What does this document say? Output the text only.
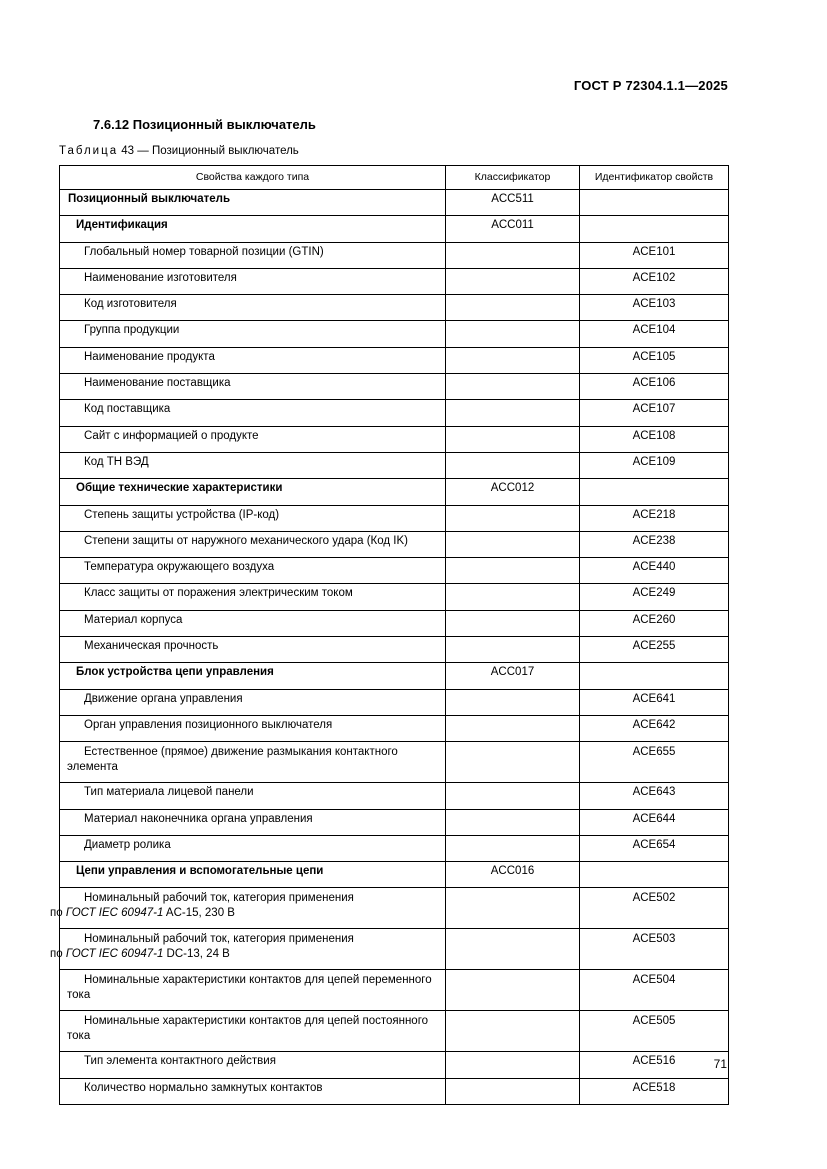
ГОСТ Р 72304.1.1—2025
7.6.12 Позиционный выключатель
Таблица 43 — Позиционный выключатель
Свойства каждого типа	Классификатор	Идентификатор свойств
Позиционный выключатель	ACC511	
Идентификация	ACC011	
Глобальный номер товарной позиции (GTIN)		ACE101
Наименование изготовителя		ACE102
Код изготовителя		ACE103
Группа продукции		ACE104
Наименование продукта		ACE105
Наименование поставщика		ACE106
Код поставщика		ACE107
Сайт с информацией о продукте		ACE108
Код ТН ВЭД		ACE109
Общие технические характеристики	ACC012	
Степень защиты устройства (IP-код)		ACE218
Степени защиты от наружного механического удара (Код IK)		ACE238
Температура окружающего воздуха		ACE440
Класс защиты от поражения электрическим током		ACE249
Материал корпуса		ACE260
Механическая прочность		ACE255
Блок устройства цепи управления	ACC017	
Движение органа управления		ACE641
Орган управления позиционного выключателя		ACE642
Естественное (прямое) движение размыкания контактного элемента		ACE655
Тип материала лицевой панели		ACE643
Материал наконечника органа управления		ACE644
Диаметр ролика		ACE654
Цепи управления и вспомогательные цепи	ACC016	
Номинальный рабочий ток, категория применения
по ГОСТ IEC 60947-1 AC-15, 230 В		ACE502
Номинальный рабочий ток, категория применения
по ГОСТ IEC 60947-1 DC-13, 24 В		ACE503
Номинальные характеристики контактов для цепей переменного тока		ACE504
Номинальные характеристики контактов для цепей постоянного тока		ACE505
Тип элемента контактного действия		ACE516
Количество нормально замкнутых контактов		ACE518
71
